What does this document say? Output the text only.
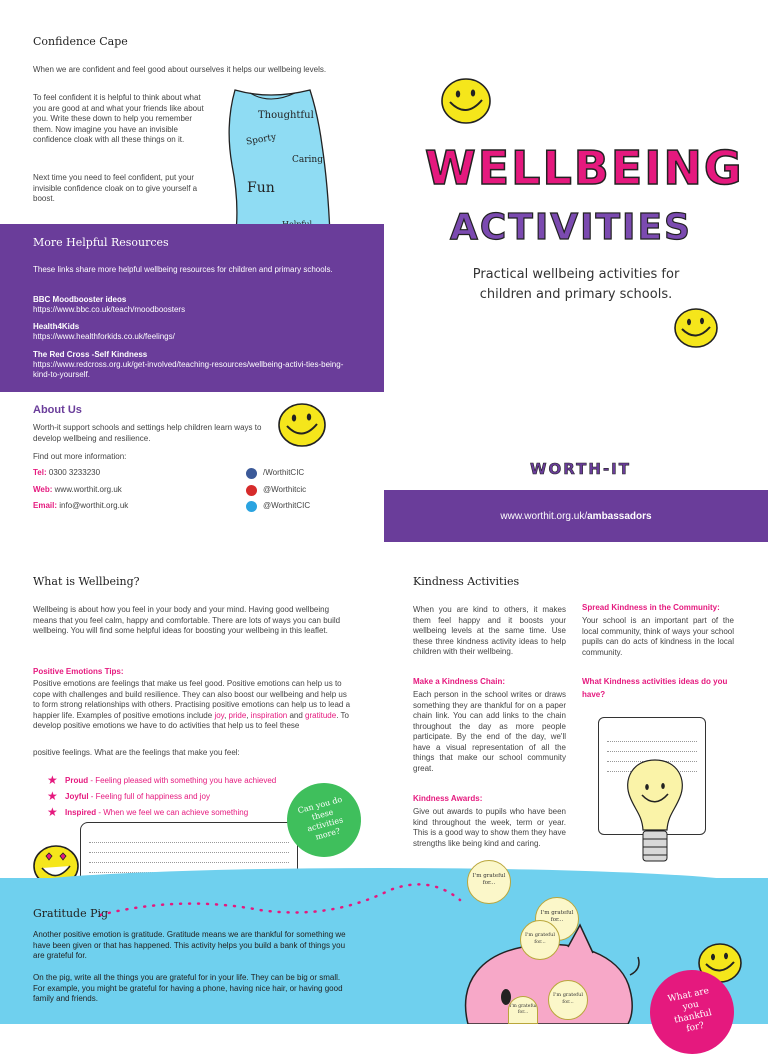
Confidence Cape
When we are confident and feel good about ourselves it helps our wellbeing levels.
To feel confident it is helpful to think about what you are good at and what your friends like about you. Write these down to help you remember them. Now imagine you have an invisible confidence cloak with all these things on it.
Next time you need to feel confident, put your invisible confidence cloak on to give yourself a boost.
Thoughtful
Sporty
Caring
Fun
More Helpful Resources
These links share more helpful wellbeing resources for children and primary schools.
BBC Moodbooster ideos
https://www.bbc.co.uk/teach/moodboosters
Health4Kids
https://www.healthforkids.co.uk/feelings/
The Red Cross -Self Kindness
https://www.redcross.org.uk/get-involved/teaching-resources/wellbeing-activi-ties-being-kind-to-yourself.
About Us
Worth-it support schools and settings help children learn ways to develop wellbeing and resilience.
Find out more information:
Tel: 0300 3233230
Web: www.worthit.org.uk
Email: info@worthit.org.uk
/WorthitCIC
@Worthitcic
@WorthitCIC
WELLBEING
ACTIVITIES
Practical wellbeing activities for
children and primary schools.
WORTH-IT
www.worthit.org.uk/ambassadors
What is Wellbeing?
Wellbeing is about how you feel in your body and your mind. Having good wellbeing means that you feel calm, happy and comfortable. There are lots of ways you can build wellbeing. You will find some helpful ideas for boosting your wellbeing in this leaflet.
Positive Emotions Tips:
Positive emotions are feelings that make us feel good. Positive emotions can help us to cope with challenges and build resilience. They can also boost our wellbeing and help us to form strong relationships with others. Practising positive emotions can help us to lead a happier life. Examples of positive emotions include joy, pride, inspiration and gratitude. To develop positive emotions we have to do activities that help us to feel these
positive feelings. What are the feelings that make you feel:
★ Proud - Feeling pleased with something you have achieved
★ Joyful - Feeling full of happiness and joy
★ Inspired - When we feel we can achieve something	Can you do these activities more?
Kindness Activities
When you are kind to others, it makes them feel happy and it boosts your wellbeing levels at the same time. Use these three kindness activity ideas to help children with their wellbeing.
Make a Kindness Chain:
Each person in the school writes or draws something they are thankful for on a paper chain link. You can add links to the chain throughout the day as more people participate. By the end of the day, we'll have a visual representation of all the things that make our school community great.
Kindness Awards:
Give out awards to pupils who have been kind throughout the week, term or year. This is a good way to show them they have strengths like being kind and caring.
Spread Kindness in the Community:
Your school is an important part of the local community, think of ways your school pupils can do acts of kindness in the local community.
What Kindness activities ideas do you have?
Gratitude Pig
Another positive emotion is gratitude. Gratitude means we are thankful for something we have been given or that has happened. This activity helps you build a bank of things you are grateful for.
On the pig, write all the things you are grateful for in your life. They can be big or small. For example, you might be grateful for having a phone, having nice hair, or having good family and friends.
I'm grateful for...
I'm grateful for...
I'm grateful for...
I'm grateful for...
I'm grateful for...
What are you thankful for?
